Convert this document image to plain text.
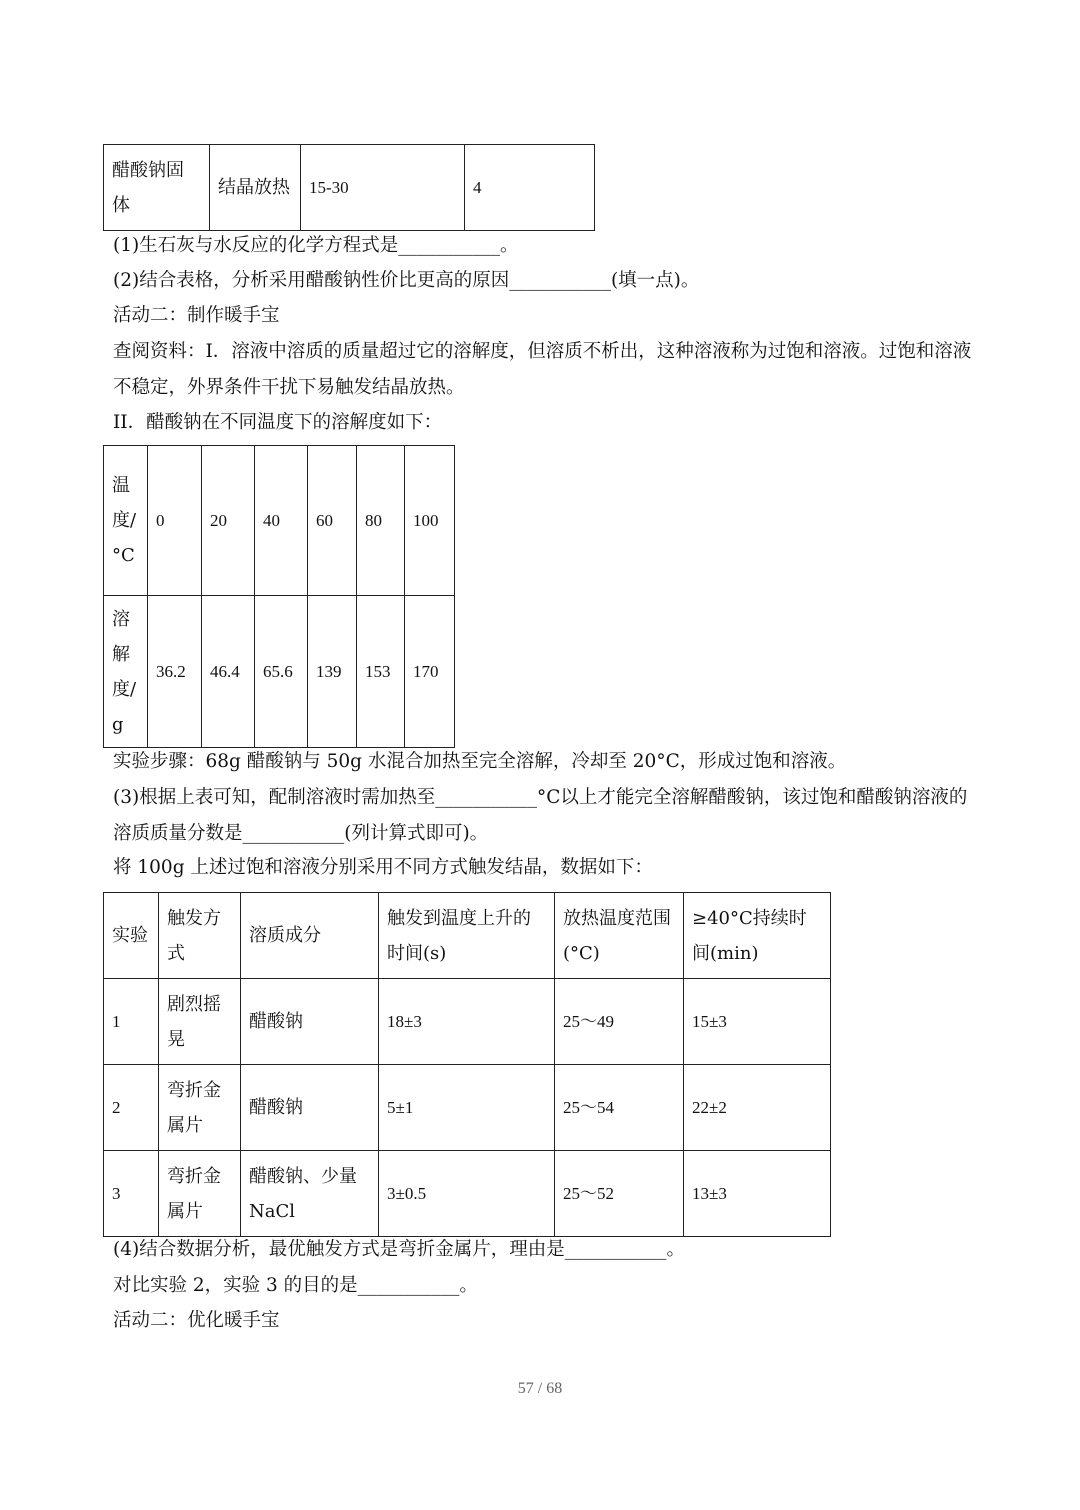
醋酸钠固体	结晶放热	15-30	4
(1)生石灰与水反应的化学方程式是___________。
(2)结合表格，分析采用醋酸钠性价比更高的原因___________(填一点)。
活动二：制作暖手宝
查阅资料：I．溶液中溶质的质量超过它的溶解度，但溶质不析出，这种溶液称为过饱和溶液。过饱和溶液不稳定，外界条件干扰下易触发结晶放热。
II．醋酸钠在不同温度下的溶解度如下：
温度/°C	0	20	40	60	80	100
溶解度/g	36.2	46.4	65.6	139	153	170
实验步骤：68g 醋酸钠与 50g 水混合加热至完全溶解，冷却至 20°C，形成过饱和溶液。
(3)根据上表可知，配制溶液时需加热至___________°C以上才能完全溶解醋酸钠，该过饱和醋酸钠溶液的溶质质量分数是___________(列计算式即可)。
将 100g 上述过饱和溶液分别采用不同方式触发结晶，数据如下：
实验	触发方式	溶质成分	触发到温度上升的时间(s)	放热温度范围(°C)	≥40°C持续时间(min)
1	剧烈摇晃	醋酸钠	18±3	25～49	15±3
2	弯折金属片	醋酸钠	5±1	25～54	22±2
3	弯折金属片	醋酸钠、少量NaCl	3±0.5	25～52	13±3
(4)结合数据分析，最优触发方式是弯折金属片，理由是___________。
对比实验 2，实验 3 的目的是___________。
活动二：优化暖手宝
57 / 68
